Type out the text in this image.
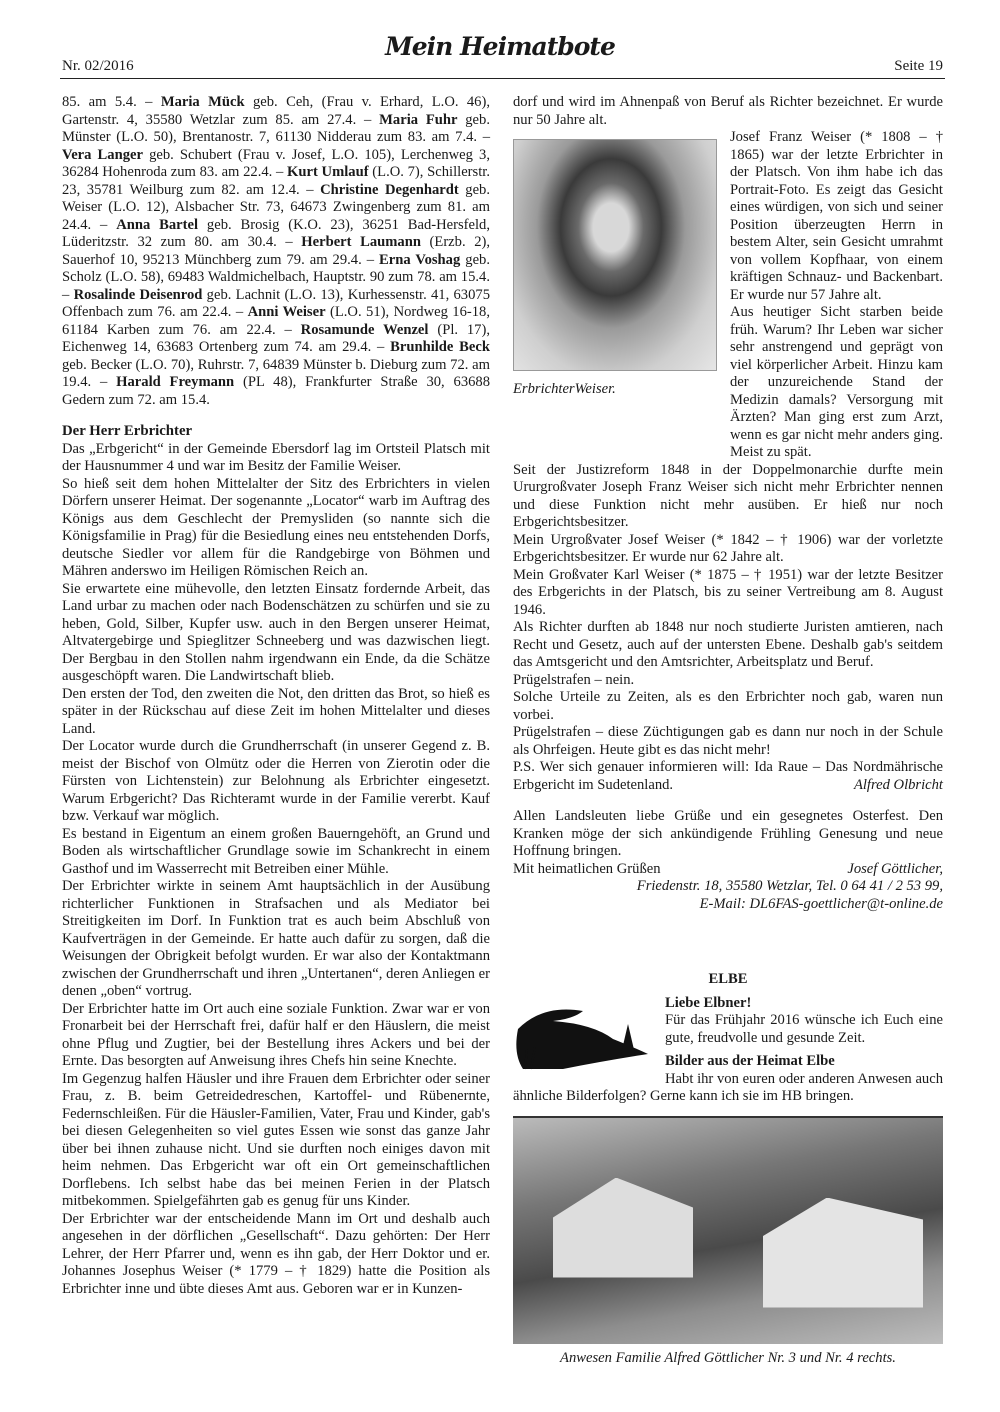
Nr. 02/2016
Mein Heimatbote
Seite 19

85. am 5.4. – Maria Mück geb. Ceh, (Frau v. Erhard, L.O. 46), Gartenstr. 4, 35580 Wetzlar zum 85. am 27.4. – Maria Fuhr geb. Münster (L.O. 50), Brentanostr. 7, 61130 Nidderau zum 83. am 7.4. – Vera Langer geb. Schubert (Frau v. Josef, L.O. 105), Lerchenweg 3, 36284 Hohenroda zum 83. am 22.4. – Kurt Umlauf (L.O. 7), Schillerstr. 23, 35781 Weilburg zum 82. am 12.4. – Christine Degenhardt geb. Weiser (L.O. 12), Alsbacher Str. 73, 64673 Zwingenberg zum 81. am 24.4. – Anna Bartel geb. Brosig (K.O. 23), 36251 Bad-Hersfeld, Lüderitzstr. 32 zum 80. am 30.4. – Herbert Laumann (Erzb. 2), Sauerhof 10, 95213 Münchberg zum 79. am 29.4. – Erna Voshag geb. Scholz (L.O. 58), 69483 Waldmichelbach, Hauptstr. 90 zum 78. am 15.4. – Rosalinde Deisenrod geb. Lachnit (L.O. 13), Kurhessenstr. 41, 63075 Offenbach zum 76. am 22.4. – Anni Weiser (L.O. 51), Nordweg 16-18, 61184 Karben zum 76. am 22.4. – Rosamunde Wenzel (Pl. 17), Eichenweg 14, 63683 Ortenberg zum 74. am 29.4. – Brunhilde Beck geb. Becker (L.O. 70), Ruhrstr. 7, 64839 Münster b. Dieburg zum 72. am 19.4. – Harald Freymann (PL 48), Frankfurter Straße 30, 63688 Gedern zum 72. am 15.4.

Der Herr Erbrichter

Das „Erbgericht“ in der Gemeinde Ebersdorf lag im Ortsteil Platsch mit der Hausnummer 4 und war im Besitz der Familie Weiser.

So hieß seit dem hohen Mittelalter der Sitz des Erbrichters in vielen Dörfern unserer Heimat. Der sogenannte „Locator“ warb im Auftrag des Königs aus dem Geschlecht der Premysliden (so nannte sich die Königsfamilie in Prag) für die Besiedlung eines neu entstehenden Dorfs, deutsche Siedler vor allem für die Randgebirge von Böhmen und Mähren anderswo im Heiligen Römischen Reich an.

Sie erwartete eine mühevolle, den letzten Einsatz fordernde Arbeit, das Land urbar zu machen oder nach Bodenschätzen zu schürfen und sie zu heben, Gold, Silber, Kupfer usw. auch in den Bergen unserer Heimat, Altvatergebirge und Spieglitzer Schneeberg und was dazwischen liegt. Der Bergbau in den Stollen nahm irgendwann ein Ende, da die Schätze ausgeschöpft waren. Die Landwirtschaft blieb.

Den ersten der Tod, den zweiten die Not, den dritten das Brot, so hieß es später in der Rückschau auf diese Zeit im hohen Mittelalter und dieses Land.

Der Locator wurde durch die Grundherrschaft (in unserer Gegend z. B. meist der Bischof von Olmütz oder die Herren von Zierotin oder die Fürsten von Lichtenstein) zur Belohnung als Erbrichter eingesetzt. Warum Erbgericht? Das Richteramt wurde in der Familie vererbt. Kauf bzw. Verkauf war möglich.

Es bestand in Eigentum an einem großen Bauerngehöft, an Grund und Boden als wirtschaftlicher Grundlage sowie im Schankrecht in einem Gasthof und im Wasserrecht mit Betreiben einer Mühle.

Der Erbrichter wirkte in seinem Amt hauptsächlich in der Ausübung richterlicher Funktionen in Strafsachen und als Mediator bei Streitigkeiten im Dorf. In Funktion trat es auch beim Abschluß von Kaufverträgen in der Gemeinde. Er hatte auch dafür zu sorgen, daß die Weisungen der Obrigkeit befolgt wurden. Er war also der Kontaktmann zwischen der Grundherrschaft und ihren „Untertanen“, deren Anliegen er denen „oben“ vortrug.

Der Erbrichter hatte im Ort auch eine soziale Funktion. Zwar war er von Fronarbeit bei der Herrschaft frei, dafür half er den Häuslern, die meist ohne Pflug und Zugtier, bei der Bestellung ihres Ackers und bei der Ernte. Das besorgten auf Anweisung ihres Chefs hin seine Knechte.

Im Gegenzug halfen Häusler und ihre Frauen dem Erbrichter oder seiner Frau, z. B. beim Getreidedreschen, Kartoffel- und Rübenernte, Federnschleißen. Für die Häusler-Familien, Vater, Frau und Kinder, gab's bei diesen Gelegenheiten so viel gutes Essen wie sonst das ganze Jahr über bei ihnen zuhause nicht. Und sie durften noch einiges davon mit heim nehmen. Das Erbgericht war oft ein Ort gemeinschaftlichen Dorflebens. Ich selbst habe das bei meinen Ferien in der Platsch mitbekommen. Spielgefährten gab es genug für uns Kinder.

Der Erbrichter war der entscheidende Mann im Ort und deshalb auch angesehen in der dörflichen „Gesellschaft“. Dazu gehörten: Der Herr Lehrer, der Herr Pfarrer und, wenn es ihn gab, der Herr Doktor und er. Johannes Josephus Weiser (* 1779 – † 1829) hatte die Position als Erbrichter inne und übte dieses Amt aus. Geboren war er in Kunzen-

dorf und wird im Ahnenpaß von Beruf als Richter bezeichnet. Er wurde nur 50 Jahre alt.

ErbrichterWeiser.

Josef Franz Weiser (* 1808 – † 1865) war der letzte Erbrichter in der Platsch. Von ihm habe ich das Portrait-Foto. Es zeigt das Gesicht eines würdigen, von sich und seiner Position überzeugten Herrn in bestem Alter, sein Gesicht umrahmt von vollem Kopfhaar, von einem kräftigen Schnauz- und Backenbart. Er wurde nur 57 Jahre alt.

Aus heutiger Sicht starben beide früh. Warum? Ihr Leben war sicher sehr anstrengend und geprägt von viel körperlicher Arbeit. Hinzu kam der unzureichende Stand der Medizin damals? Versorgung mit Ärzten? Man ging erst zum Arzt, wenn es gar nicht mehr anders ging. Meist zu spät.

Seit der Justizreform 1848 in der Doppelmonarchie durfte mein Ururgroßvater Joseph Franz Weiser sich nicht mehr Erbrichter nennen und diese Funktion nicht mehr ausüben. Er hieß nur noch Erbgerichtsbesitzer.

Mein Urgroßvater Josef Weiser (* 1842 – † 1906) war der vorletzte Erbgerichtsbesitzer. Er wurde nur 62 Jahre alt.

Mein Großvater Karl Weiser (* 1875 – † 1951) war der letzte Besitzer des Erbgerichts in der Platsch, bis zu seiner Vertreibung am 8. August 1946.

Als Richter durften ab 1848 nur noch studierte Juristen amtieren, nach Recht und Gesetz, auch auf der untersten Ebene. Deshalb gab's seitdem das Amtsgericht und den Amtsrichter, Arbeitsplatz und Beruf.

Prügelstrafen – nein.

Solche Urteile zu Zeiten, als es den Erbrichter noch gab, waren nun vorbei.

Prügelstrafen – diese Züchtigungen gab es dann nur noch in der Schule als Ohrfeigen. Heute gibt es das nicht mehr!

P.S. Wer sich genauer informieren will: Ida Raue – Das Nordmährische Erbgericht im Sudetenland.	Alfred Olbricht

Allen Landsleuten liebe Grüße und ein gesegnetes Osterfest. Den Kranken möge der sich ankündigende Frühling Genesung und neue Hoffnung bringen.

Mit heimatlichen Grüßen	Josef Göttlicher,
Friedenstr. 18, 35580 Wetzlar, Tel. 0 64 41 / 2 53 99,
E-Mail: DL6FAS-goettlicher@t-online.de
ELBE

Liebe Elbner!

Für das Frühjahr 2016 wünsche ich Euch eine gute, freudvolle und gesunde Zeit.

Bilder aus der Heimat Elbe

Habt ihr von euren oder anderen Anwesen auch ähnliche Bilderfolgen? Gerne kann ich sie im HB bringen.

Anwesen Familie Alfred Göttlicher Nr. 3 und Nr. 4 rechts.
